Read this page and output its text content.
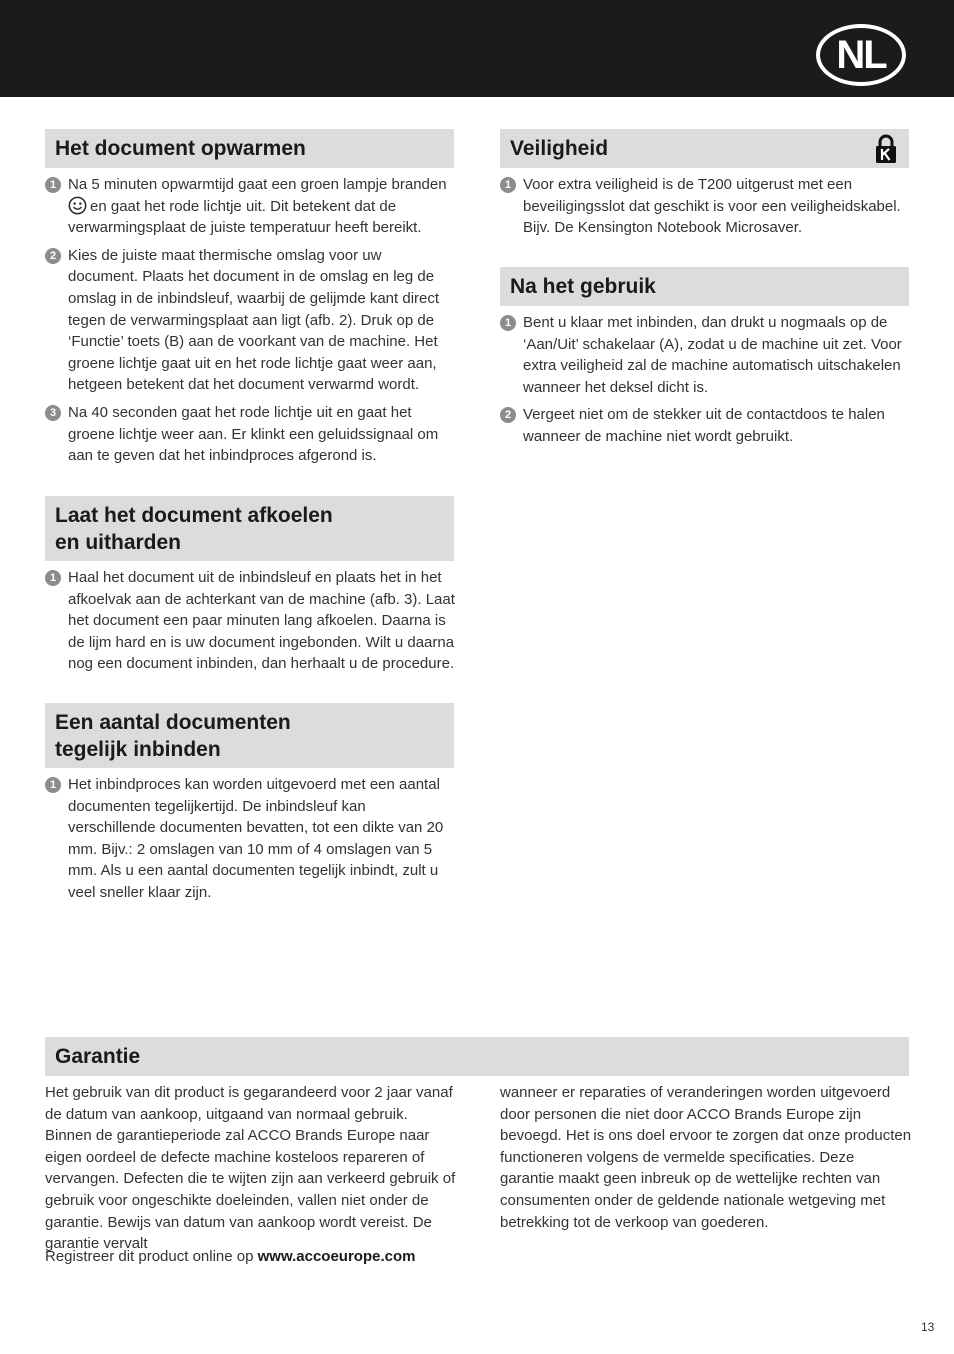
NL
Het document opwarmen
1 Na 5 minuten opwarmtijd gaat een groen lampje branden
en gaat het rode lichtje uit. Dit betekent dat de verwarmingsplaat de juiste temperatuur heeft bereikt.
2 Kies de juiste maat thermische omslag voor uw document. Plaats het document in de omslag en leg de omslag in de inbindsleuf, waarbij de gelijmde kant direct tegen de verwarmingsplaat aan ligt (afb. 2). Druk op de ‘Functie’ toets (B) aan de voorkant van de machine. Het groene lichtje gaat uit en het rode lichtje gaat weer aan, hetgeen betekent dat het document verwarmd wordt.
3 Na 40 seconden gaat het rode lichtje uit en gaat het groene lichtje weer aan. Er klinkt een geluidssignaal om aan te geven dat het inbindproces afgerond is.
Laat het document afkoelen
en uitharden
1 Haal het document uit de inbindsleuf en plaats het in het afkoelvak aan de achterkant van de machine (afb. 3). Laat het document een paar minuten lang afkoelen. Daarna is de lijm hard en is uw document ingebonden. Wilt u daarna nog een document inbinden, dan herhaalt u de procedure.
Een aantal documenten
tegelijk inbinden
1 Het inbindproces kan worden uitgevoerd met een aantal documenten tegelijkertijd. De inbindsleuf kan verschillende documenten bevatten, tot een dikte van 20 mm. Bijv.: 2 omslagen van 10 mm of 4 omslagen van 5 mm. Als u een aantal documenten tegelijk inbindt, zult u veel sneller klaar zijn.
Veiligheid
1 Voor extra veiligheid is de T200 uitgerust met een beveiligingsslot dat geschikt is voor een veiligheidskabel. Bijv. De Kensington Notebook Microsaver.
Na het gebruik
1 Bent u klaar met inbinden, dan drukt u nogmaals op de ‘Aan/Uit’ schakelaar (A), zodat u de machine uit zet. Voor extra veiligheid zal de machine automatisch uitschakelen wanneer het deksel dicht is.
2 Vergeet niet om de stekker uit de contactdoos te halen wanneer de machine niet wordt gebruikt.
Garantie

Het gebruik van dit product is gegarandeerd voor 2 jaar vanaf de datum van aankoop, uitgaand van normaal gebruik. Binnen de garantieperiode zal ACCO Brands Europe naar eigen oordeel de defecte machine kosteloos repareren of vervangen. Defecten die te wijten zijn aan verkeerd gebruik of gebruik voor ongeschikte doeleinden, vallen niet onder de garantie. Bewijs van datum van aankoop wordt vereist. De garantie vervalt

wanneer er reparaties of veranderingen worden uitgevoerd door personen die niet door ACCO Brands Europe zijn bevoegd. Het is ons doel ervoor te zorgen dat onze producten functioneren volgens de vermelde specificaties. Deze garantie maakt geen inbreuk op de wettelijke rechten van consumenten onder de geldende nationale wetgeving met betrekking tot de verkoop van goederen.

Registreer dit product online op www.accoeurope.com

13
